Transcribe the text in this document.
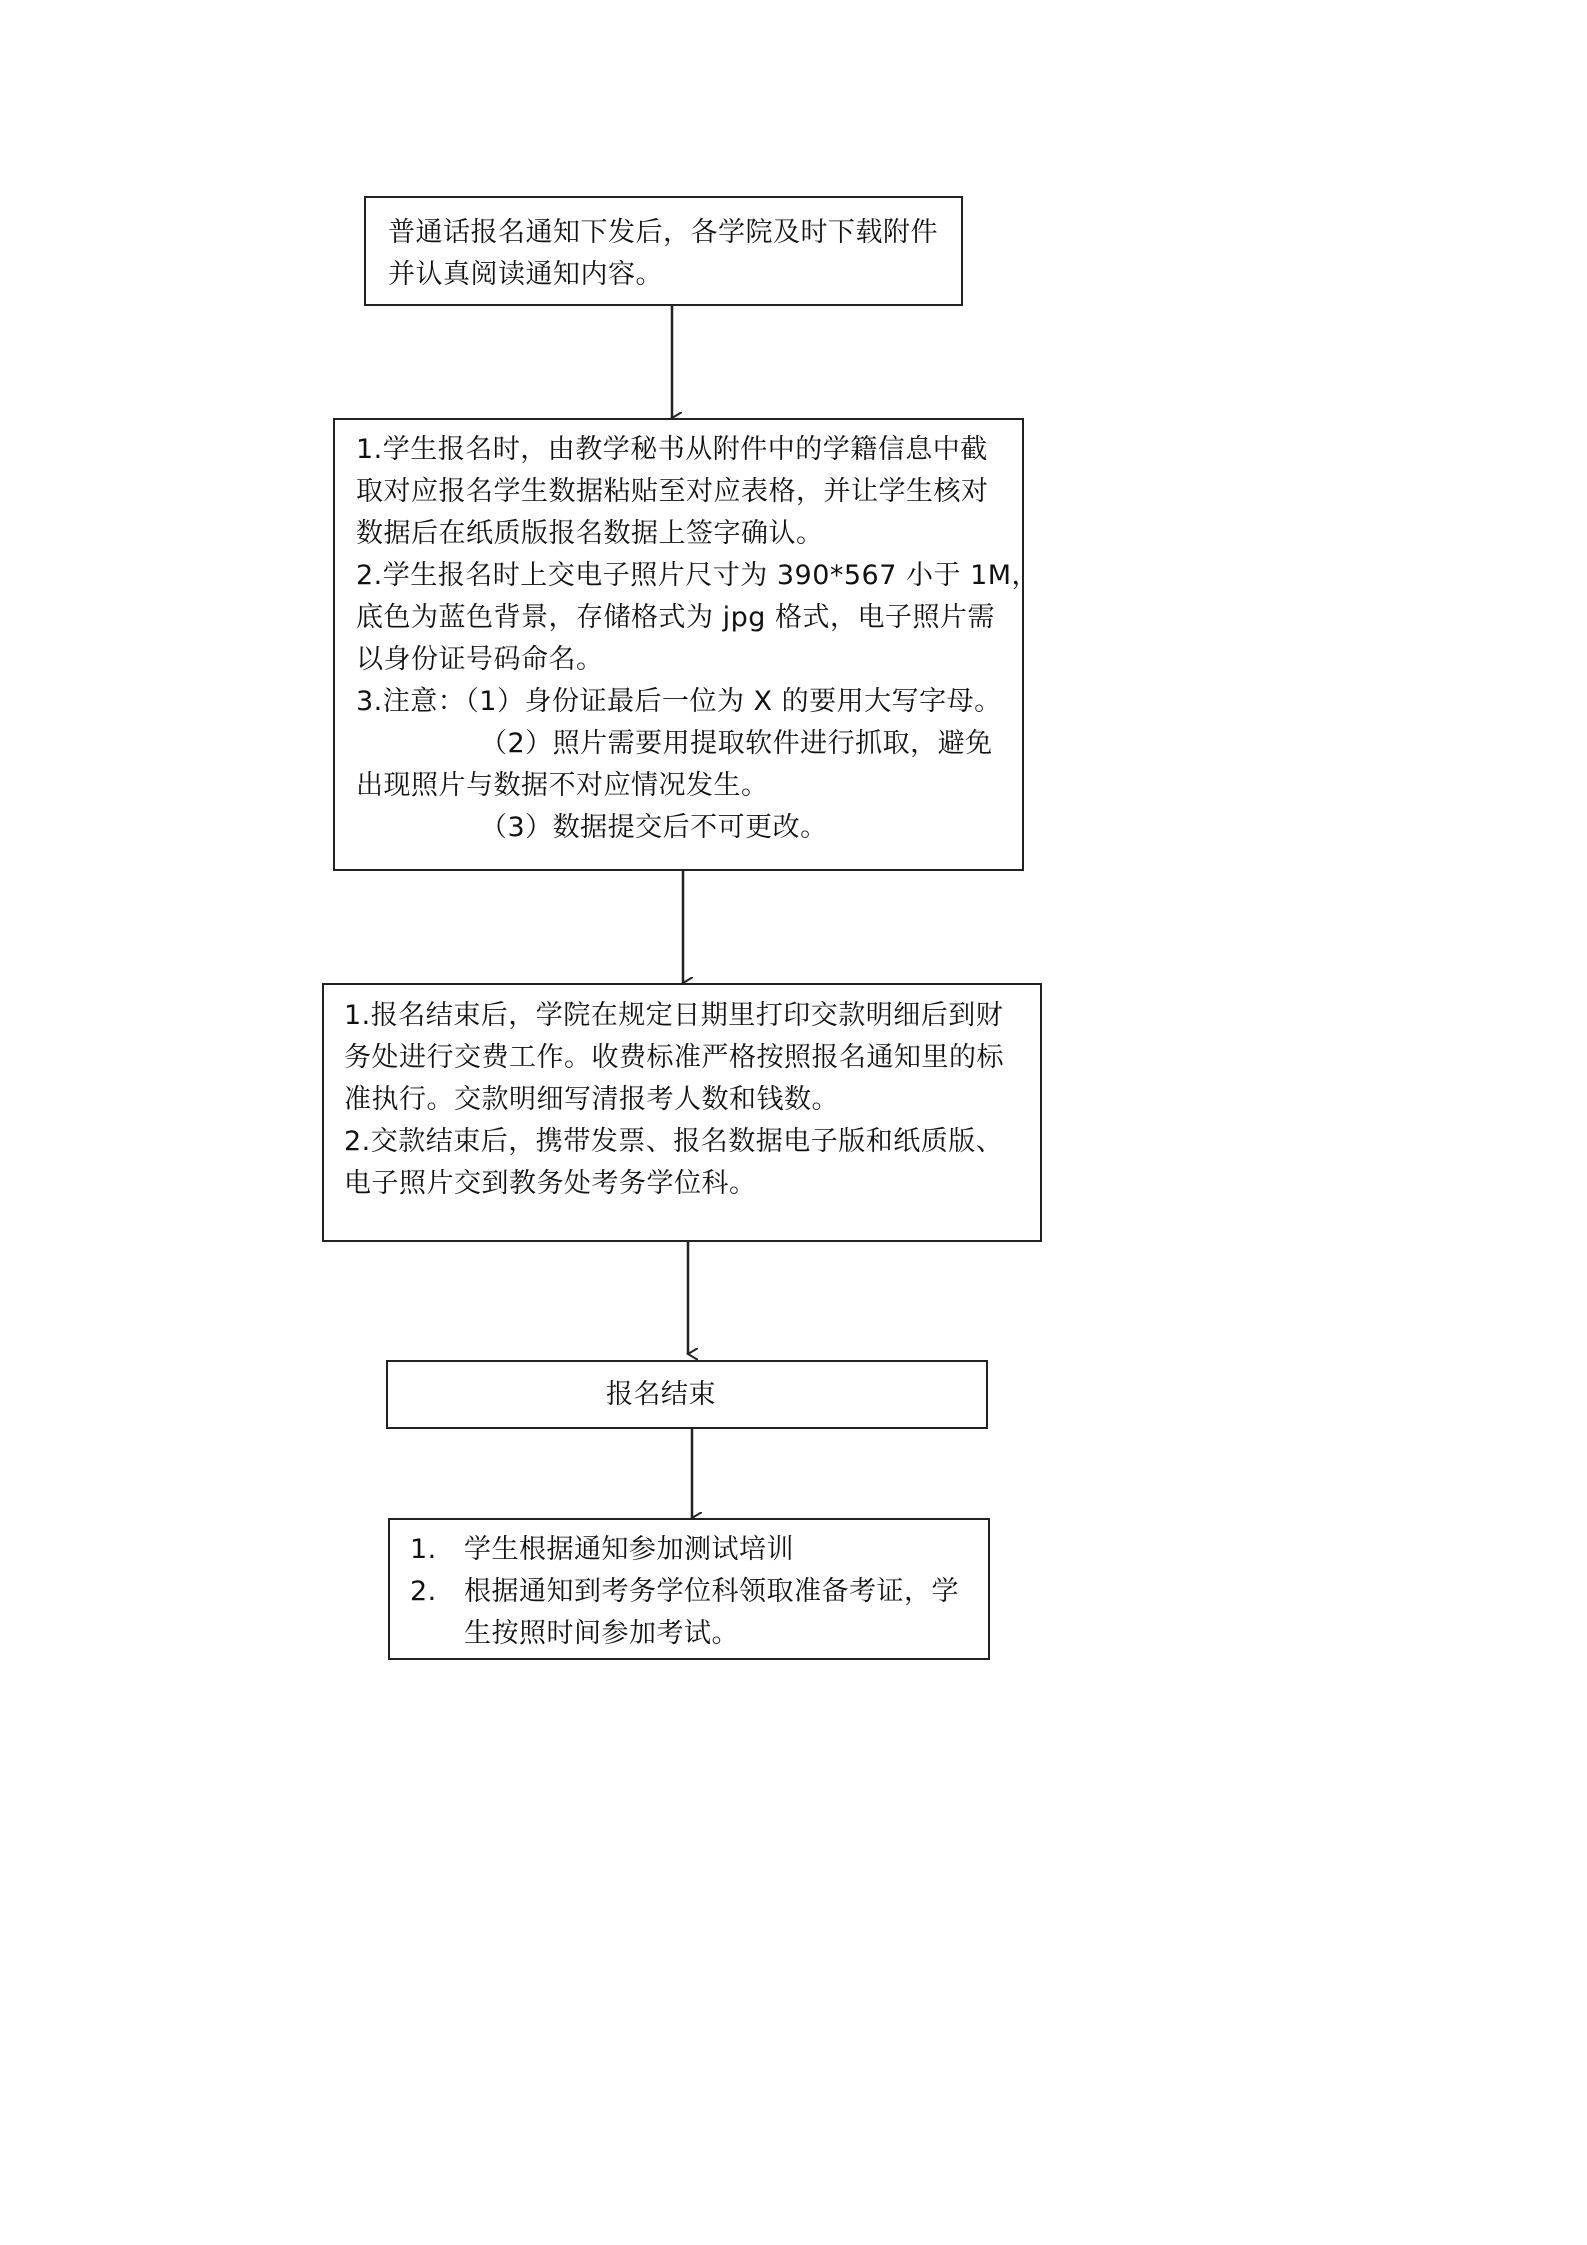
普通话报名通知下发后，各学院及时下载附件
并认真阅读通知内容。
1.学生报名时，由教学秘书从附件中的学籍信息中截
取对应报名学生数据粘贴至对应表格，并让学生核对
数据后在纸质版报名数据上签字确认。
2.学生报名时上交电子照片尺寸为 390*567 小于 1M，
底色为蓝色背景，存储格式为 jpg 格式，电子照片需
以身份证号码命名。
3.注意：（1）身份证最后一位为 X 的要用大写字母。
（2）照片需要用提取软件进行抓取，避免
出现照片与数据不对应情况发生。
（3）数据提交后不可更改。
1.报名结束后，学院在规定日期里打印交款明细后到财
务处进行交费工作。收费标准严格按照报名通知里的标
准执行。交款明细写清报考人数和钱数。
2.交款结束后，携带发票、报名数据电子版和纸质版、
电子照片交到教务处考务学位科。
报名结束
1.	学生根据通知参加测试培训
2.	根据通知到考务学位科领取准备考证，学
生按照时间参加考试。
